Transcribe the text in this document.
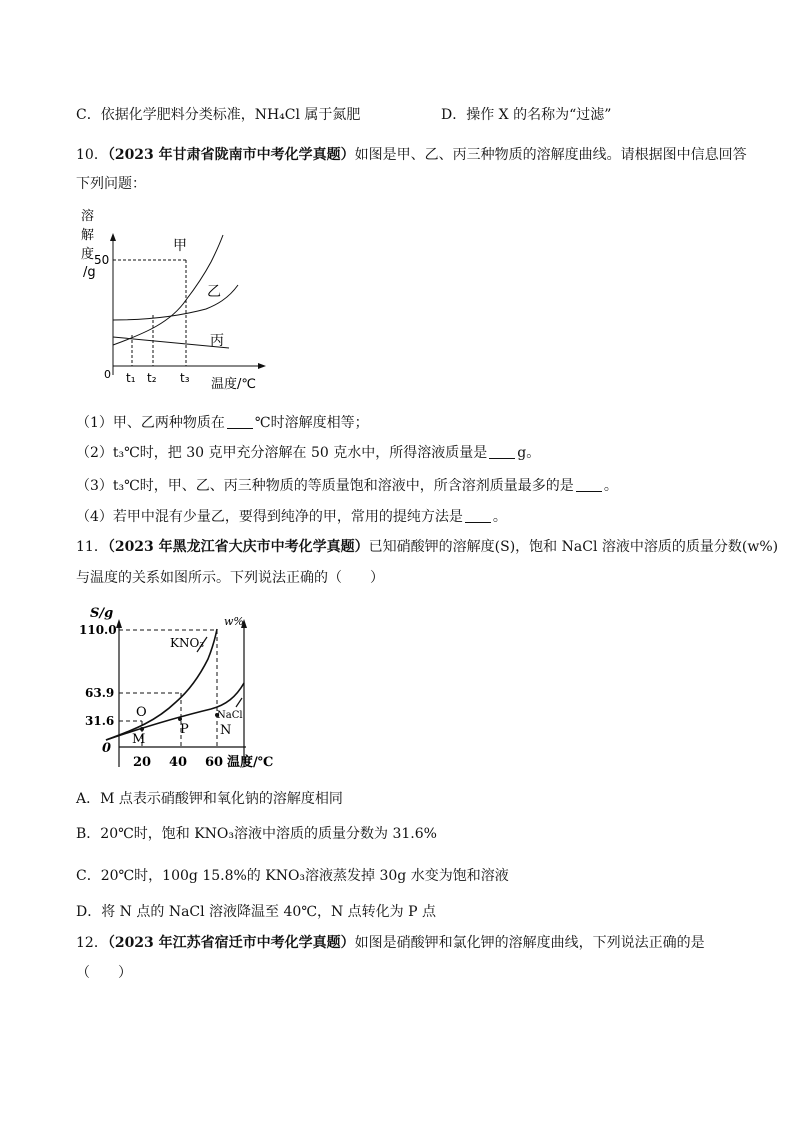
C．依据化学肥料分类标准，NH₄Cl 属于氮肥	D．操作 X 的名称为“过滤”
10．（2023 年甘肃省陇南市中考化学真题）如图是甲、乙、丙三种物质的溶解度曲线。请根据图中信息回答
下列问题：
溶
解
度
/g
50
0 t₁ t₂ t₃ 温度/℃
甲
乙
丙
（1）甲、乙两种物质在 ℃时溶解度相等；
（2）t₃℃时，把 30 克甲充分溶解在 50 克水中，所得溶液质量是 g。
（3）t₃℃时，甲、乙、丙三种物质的等质量饱和溶液中，所含溶剂质量最多的是 。
（4）若甲中混有少量乙，要得到纯净的甲，常用的提纯方法是 。
11．（2023 年黑龙江省大庆市中考化学真题）已知硝酸钾的溶解度(S)，饱和 NaCl 溶液中溶质的质量分数(w%)
与温度的关系如图所示。下列说法正确的（　　）
S/g
w%
110.0
63.9
31.6
0
20 40 60 温度/℃
KNO₃
NaCl
O
M
P N
A．M 点表示硝酸钾和氧化钠的溶解度相同
B．20℃时，饱和 KNO₃溶液中溶质的质量分数为 31.6%
C．20℃时，100g 15.8%的 KNO₃溶液蒸发掉 30g 水变为饱和溶液
D．将 N 点的 NaCl 溶液降温至 40℃，N 点转化为 P 点
12．（2023 年江苏省宿迁市中考化学真题）如图是硝酸钾和氯化钾的溶解度曲线，下列说法正确的是
（　　）
